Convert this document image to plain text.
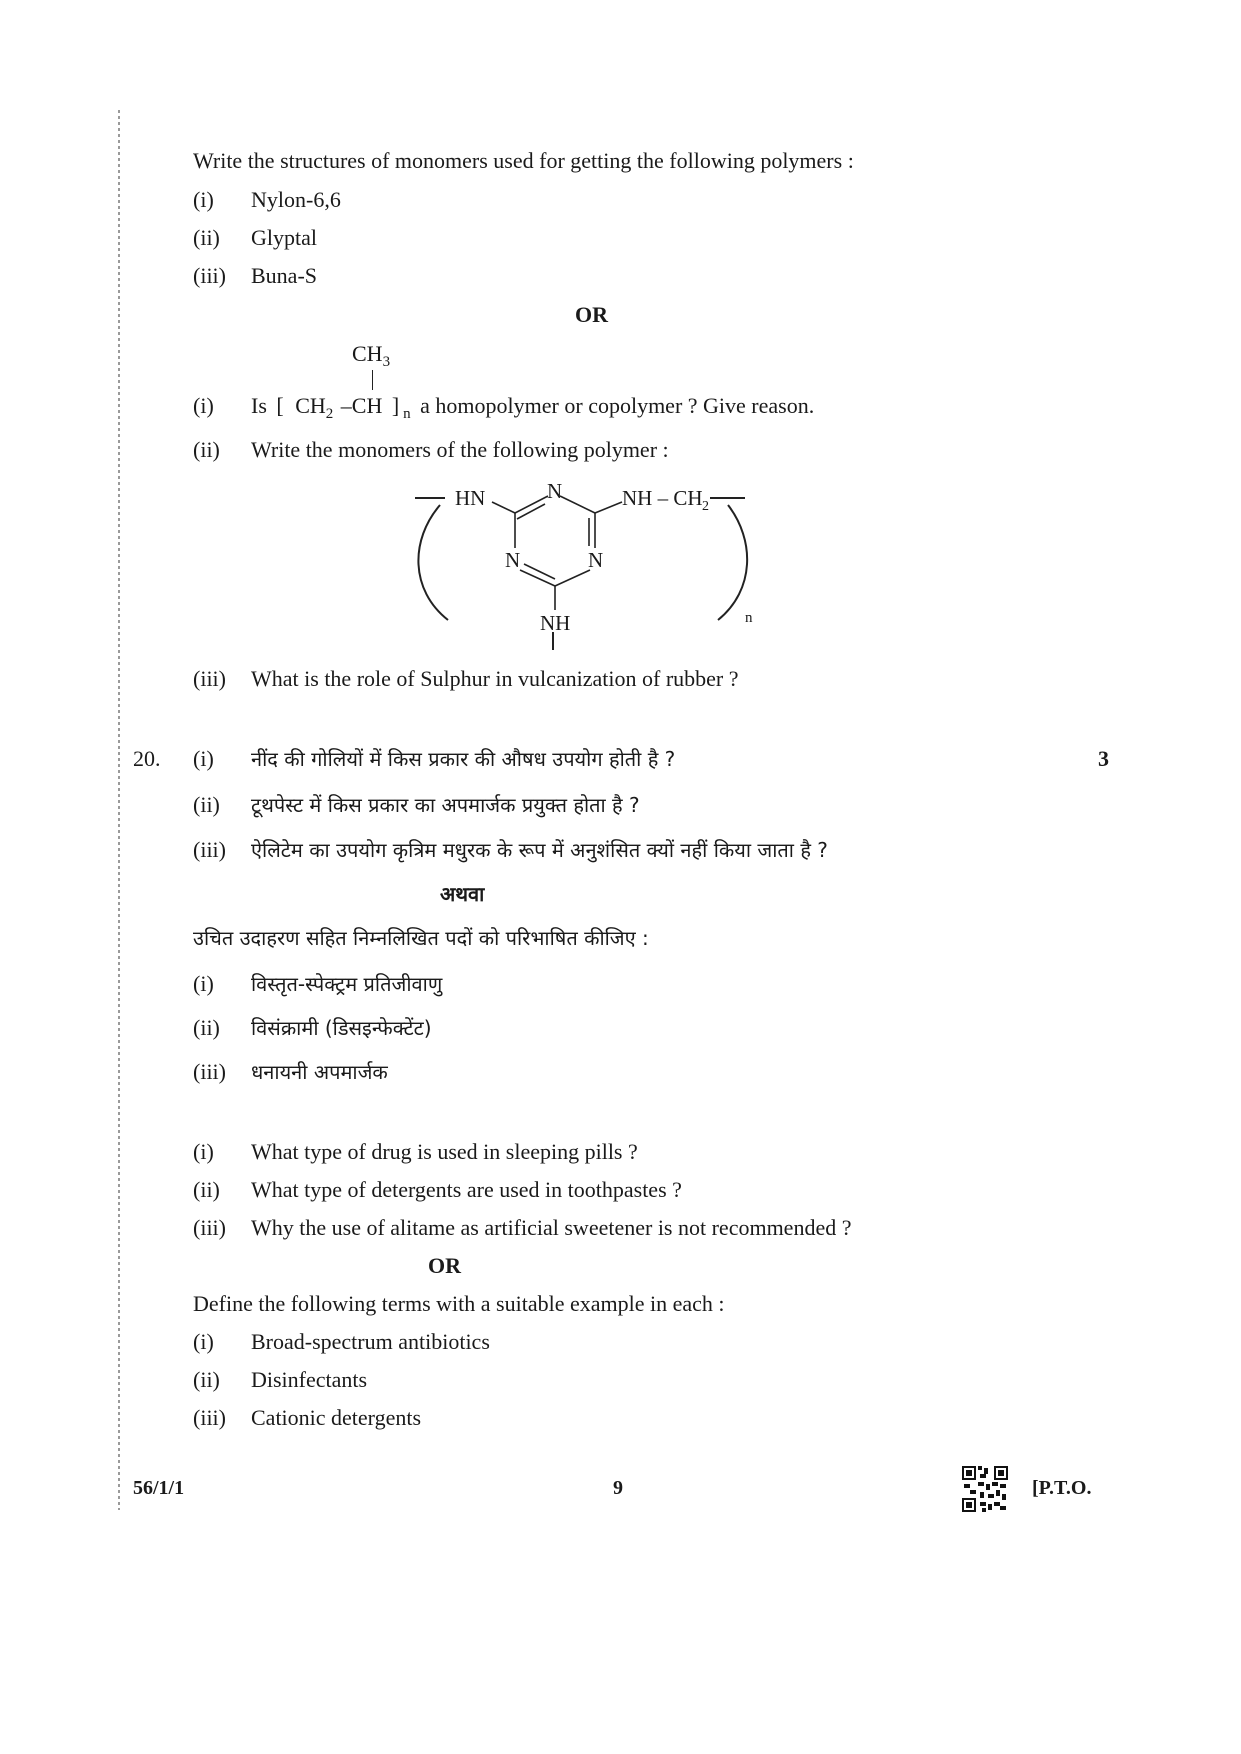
Write the structures of monomers used for getting the following polymers :
(i)	Nylon-6,6
(ii)	Glyptal
(iii)	Buna-S
OR
$CH_3$
(i)	Is [ $CH_2$ –CH ] $_n$ a homopolymer or copolymer ? Give reason.
(ii)	Write the monomers of the following polymer :
HN	N	NH – CH 2
N	N
NH	n
(iii)	What is the role of Sulphur in vulcanization of rubber ?
20.	3
(i)	नींद की गोलियों में किस प्रकार की औषध उपयोग होती है ?
(ii)	टूथपेस्ट में किस प्रकार का अपमार्जक प्रयुक्त होता है ?
(iii)	ऐलिटेम का उपयोग कृत्रिम मधुरक के रूप में अनुशंसित क्यों नहीं किया जाता है ?
अथवा
उचित उदाहरण सहित निम्नलिखित पदों को परिभाषित कीजिए :
(i)	विस्तृत-स्पेक्ट्रम प्रतिजीवाणु
(ii)	विसंक्रामी (डिसइन्फेक्टेंट)
(iii)	धनायनी अपमार्जक
(i)	What type of drug is used in sleeping pills ?
(ii)	What type of detergents are used in toothpastes ?
(iii)	Why the use of alitame as artificial sweetener is not recommended ?
OR
Define the following terms with a suitable example in each :
(i)	Broad-spectrum antibiotics
(ii)	Disinfectants
(iii)	Cationic detergents
56/1/1	9	[P.T.O.
